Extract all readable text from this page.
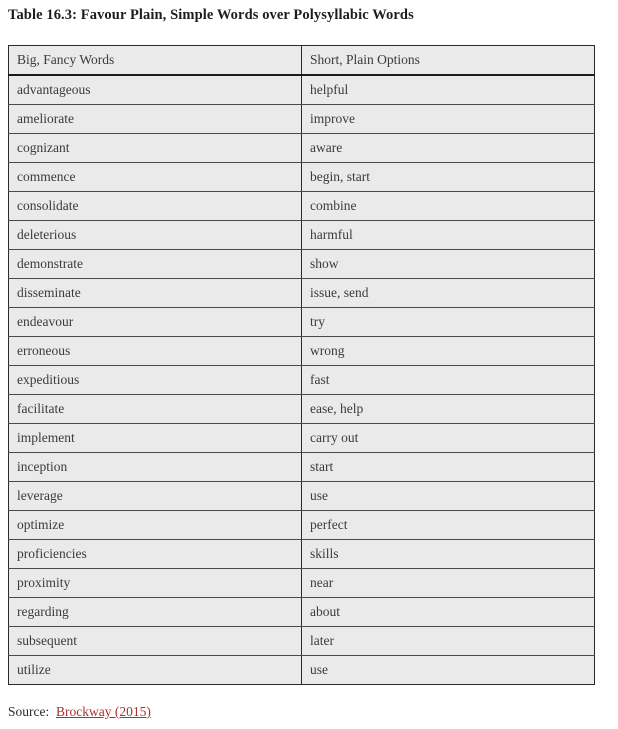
Table 16.3: Favour Plain, Simple Words over Polysyllabic Words
Big, Fancy Words	Short, Plain Options
advantageous	helpful
ameliorate	improve
cognizant	aware
commence	begin, start
consolidate	combine
deleterious	harmful
demonstrate	show
disseminate	issue, send
endeavour	try
erroneous	wrong
expeditious	fast
facilitate	ease, help
implement	carry out
inception	start
leverage	use
optimize	perfect
proficiencies	skills
proximity	near
regarding	about
subsequent	later
utilize	use
Source: Brockway (2015)
